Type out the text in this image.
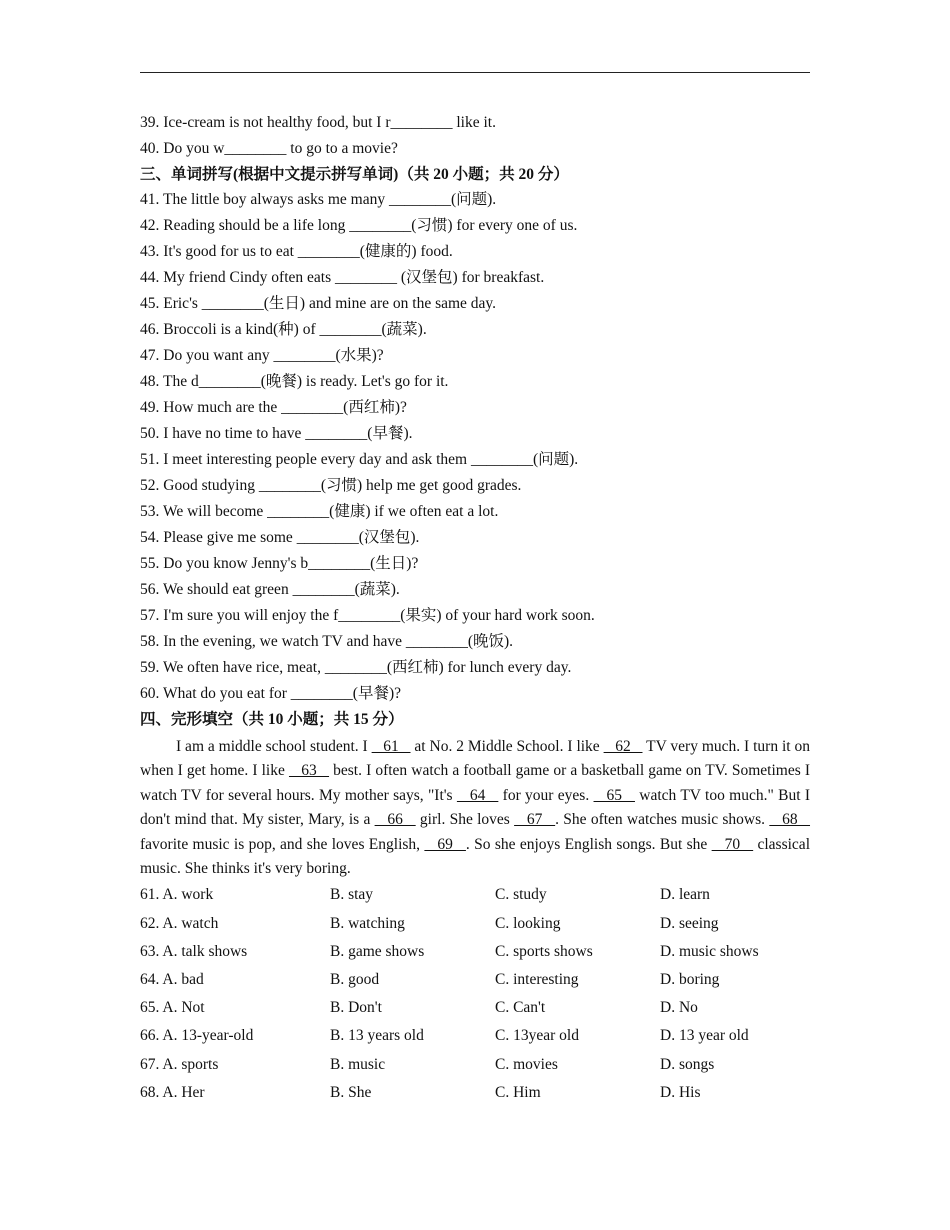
39. Ice-cream is not healthy food, but I r________ like it.
40. Do you w________ to go to a movie?
三、单词拼写(根据中文提示拼写单词)（共 20 小题；共 20 分）
41. The little boy always asks me many ________(问题).
42. Reading should be a life long ________(习惯) for every one of us.
43. It's good for us to eat ________(健康的) food.
44. My friend Cindy often eats ________ (汉堡包) for breakfast.
45. Eric's ________(生日) and mine are on the same day.
46. Broccoli is a kind(种) of ________(蔬菜).
47. Do you want any ________(水果)?
48. The d________(晚餐) is ready. Let's go for it.
49. How much are the ________(西红柿)?
50. I have no time to have ________(早餐).
51. I meet interesting people every day and ask them ________(问题).
52. Good studying ________(习惯) help me get good grades.
53. We will become ________(健康) if we often eat a lot.
54. Please give me some ________(汉堡包).
55. Do you know Jenny's b________(生日)?
56. We should eat green ________(蔬菜).
57. I'm sure you will enjoy the f________(果实) of your hard work soon.
58. In the evening, we watch TV and have ________(晚饭).
59. We often have rice, meat, ________(西红柿) for lunch every day.
60. What do you eat for ________(早餐)?
四、完形填空（共 10 小题；共 15 分）
I am a middle school student. I    61    at No. 2 Middle School. I like    62    TV very much. I turn it on when I get home. I like    63    best. I often watch a football game or a basketball game on TV. Sometimes I watch TV for several hours. My mother says, "It's    64    for your eyes.    65    watch TV too much." But I don't mind that. My sister, Mary, is a    66    girl. She loves    67   . She often watches music shows.    68    favorite music is pop, and she loves English,    69   . So she enjoys English songs. But she    70    classical music. She thinks it's very boring.
61. A. work	B. stay	C. study	D. learn
62. A. watch	B. watching	C. looking	D. seeing
63. A. talk shows	B. game shows	C. sports shows	D. music shows
64. A. bad	B. good	C. interesting	D. boring
65. A. Not	B. Don't	C. Can't	D. No
66. A. 13-year-old	B. 13 years old	C. 13year old	D. 13 year old
67. A. sports	B. music	C. movies	D. songs
68. A. Her	B. She	C. Him	D. His
